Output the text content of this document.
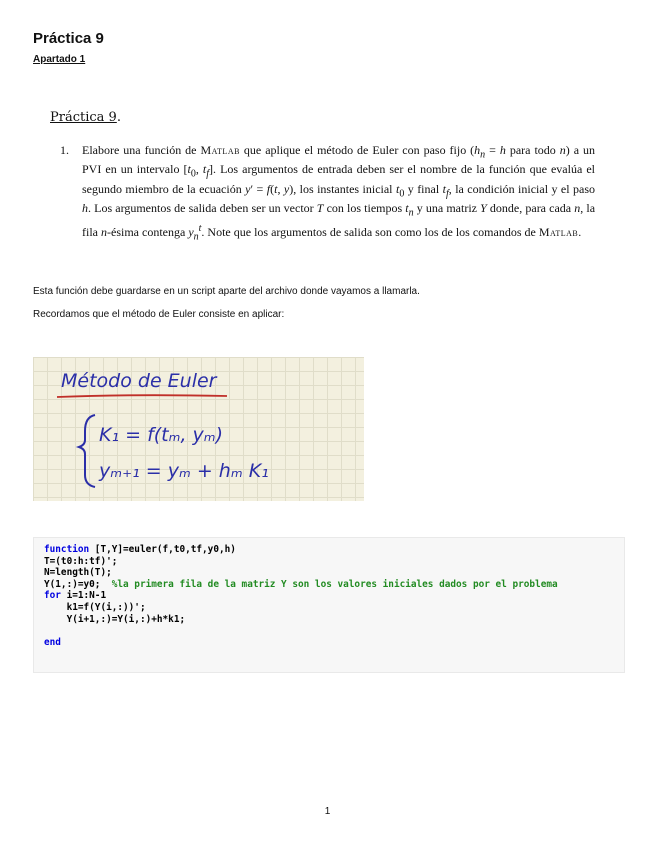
Práctica 9
Apartado 1
Práctica 9.
1. Elabore una función de Matlab que aplique el método de Euler con paso fijo ($h_n = h$ para todo n) a un PVI en un intervalo [$t_0$, $t_f$]. Los argumentos de entrada deben ser el nombre de la función que evalúa el segundo miembro de la ecuación y′ = f(t, y), los instantes inicial $t_0$ y final $t_f$, la condición inicial y el paso h. Los argumentos de salida deben ser un vector T con los tiempos $t_n$ y una matriz Y donde, para cada n, la fila n-ésima contenga $y_n^t$. Note que los argumentos de salida son como los de los comandos de Matlab.
Esta función debe guardarse en un script aparte del archivo donde vayamos a llamarla.
Recordamos que el método de Euler consiste en aplicar:
Método de Euler
K₁ = f(tₘ, yₘ)
yₘ₊₁ = yₘ + hₘ K₁
function [T,Y]=euler(f,t0,tf,y0,h)
T=(t0:h:tf)';
N=length(T);
Y(1,:)=y0;  %la primera fila de la matriz Y son los valores iniciales dados por el problema
for i=1:N-1
k1=f(Y(i,:))';
Y(i+1,:)=Y(i,:)+h*k1;
end
1
